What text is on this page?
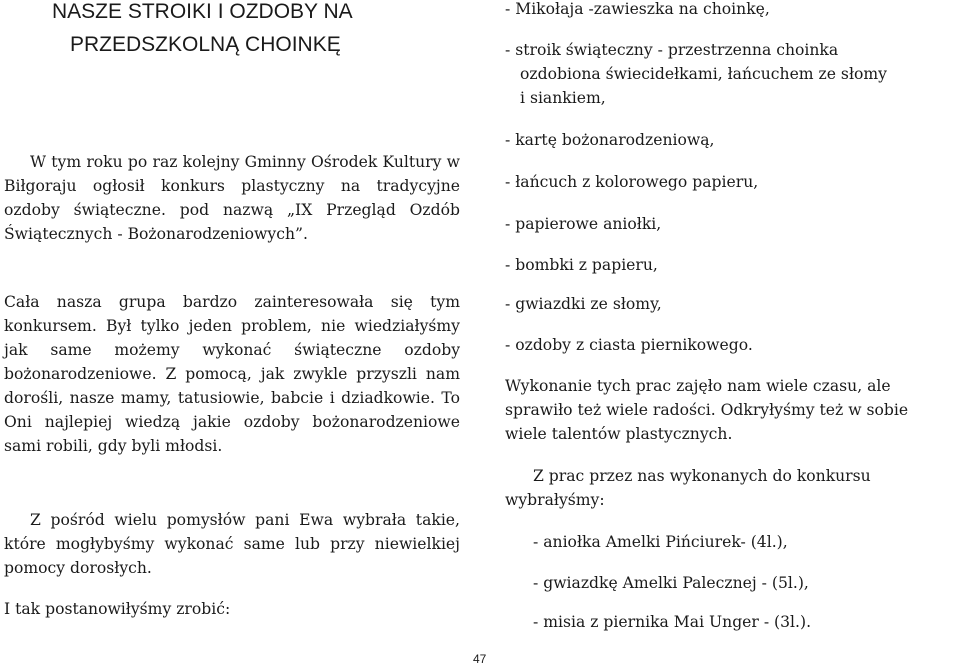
NASZE STROIKI I OZDOBY NA
PRZEDSZKOLNĄ CHOINKĘ

W tym roku po raz kolejny Gminny Ośrodek Kultury w Biłgoraju ogłosił konkurs plastyczny na tradycyjne ozdoby świąteczne. pod nazwą „IX Przegląd Ozdób Świątecznych - Bożonarodzeniowych”.

Cała nasza grupa bardzo zainteresowała się tym konkursem. Był tylko jeden problem, nie wiedziałyśmy jak same możemy wykonać świąteczne ozdoby bożonarodzeniowe. Z pomocą, jak zwykle przyszli nam dorośli, nasze mamy, tatusiowie, babcie i dziadkowie. To Oni najlepiej wiedzą jakie ozdoby bożonarodzeniowe sami robili, gdy byli młodsi.

Z pośród wielu pomysłów pani Ewa wybrała takie, które mogłybyśmy wykonać same lub przy niewielkiej pomocy dorosłych.

I tak postanowiłyśmy zrobić:
- Mikołaja -zawieszka na choinkę,
- stroik świąteczny - przestrzenna choinka
ozdobiona świecidełkami, łańcuchem ze słomy
i siankiem,
- kartę bożonarodzeniową,
- łańcuch z kolorowego papieru,
- papierowe aniołki,
- bombki z papieru,
- gwiazdki ze słomy,
- ozdoby z ciasta piernikowego.
Wykonanie tych prac zajęło nam wiele czasu, ale
sprawiło też wiele radości. Odkryłyśmy też w sobie
wiele talentów plastycznych.
Z prac przez nas wykonanych do konkursu
wybrałyśmy:
- aniołka Amelki Pińciurek- (4l.),
- gwiazdkę Amelki Palecznej - (5l.),
- misia z piernika Mai Unger - (3l.).
47
